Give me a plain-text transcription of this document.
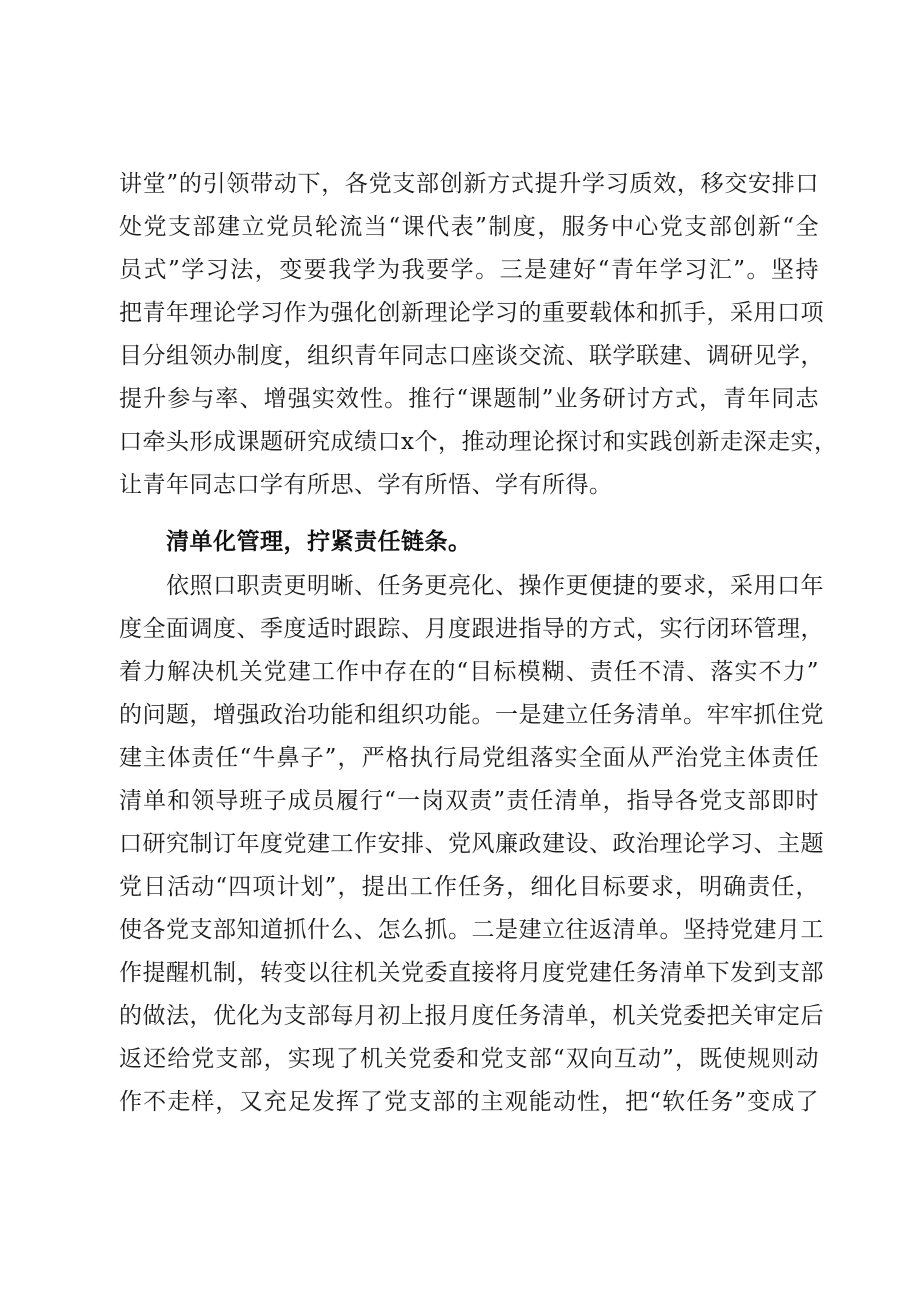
讲堂”的引领带动下，各党支部创新方式提升学习质效，移交安排口
处党支部建立党员轮流当“课代表”制度，服务中心党支部创新“全
员式”学习法，变要我学为我要学。三是建好“青年学习汇”。坚持
把青年理论学习作为强化创新理论学习的重要载体和抓手，采用口项
目分组领办制度，组织青年同志口座谈交流、联学联建、调研见学，
提升参与率、增强实效性。推行“课题制”业务研讨方式，青年同志
口牵头形成课题研究成绩口x个，推动理论探讨和实践创新走深走实，
让青年同志口学有所思、学有所悟、学有所得。
清单化管理，拧紧责任链条。
依照口职责更明晰、任务更亮化、操作更便捷的要求，采用口年
度全面调度、季度适时跟踪、月度跟进指导的方式，实行闭环管理，
着力解决机关党建工作中存在的“目标模糊、责任不清、落实不力”
的问题，增强政治功能和组织功能。一是建立任务清单。牢牢抓住党
建主体责任“牛鼻子”，严格执行局党组落实全面从严治党主体责任
清单和领导班子成员履行“一岗双责”责任清单，指导各党支部即时
口研究制订年度党建工作安排、党风廉政建设、政治理论学习、主题
党日活动“四项计划”，提出工作任务，细化目标要求，明确责任，
使各党支部知道抓什么、怎么抓。二是建立往返清单。坚持党建月工
作提醒机制，转变以往机关党委直接将月度党建任务清单下发到支部
的做法，优化为支部每月初上报月度任务清单，机关党委把关审定后
返还给党支部，实现了机关党委和党支部“双向互动”，既使规则动
作不走样，又充足发挥了党支部的主观能动性，把“软任务”变成了
